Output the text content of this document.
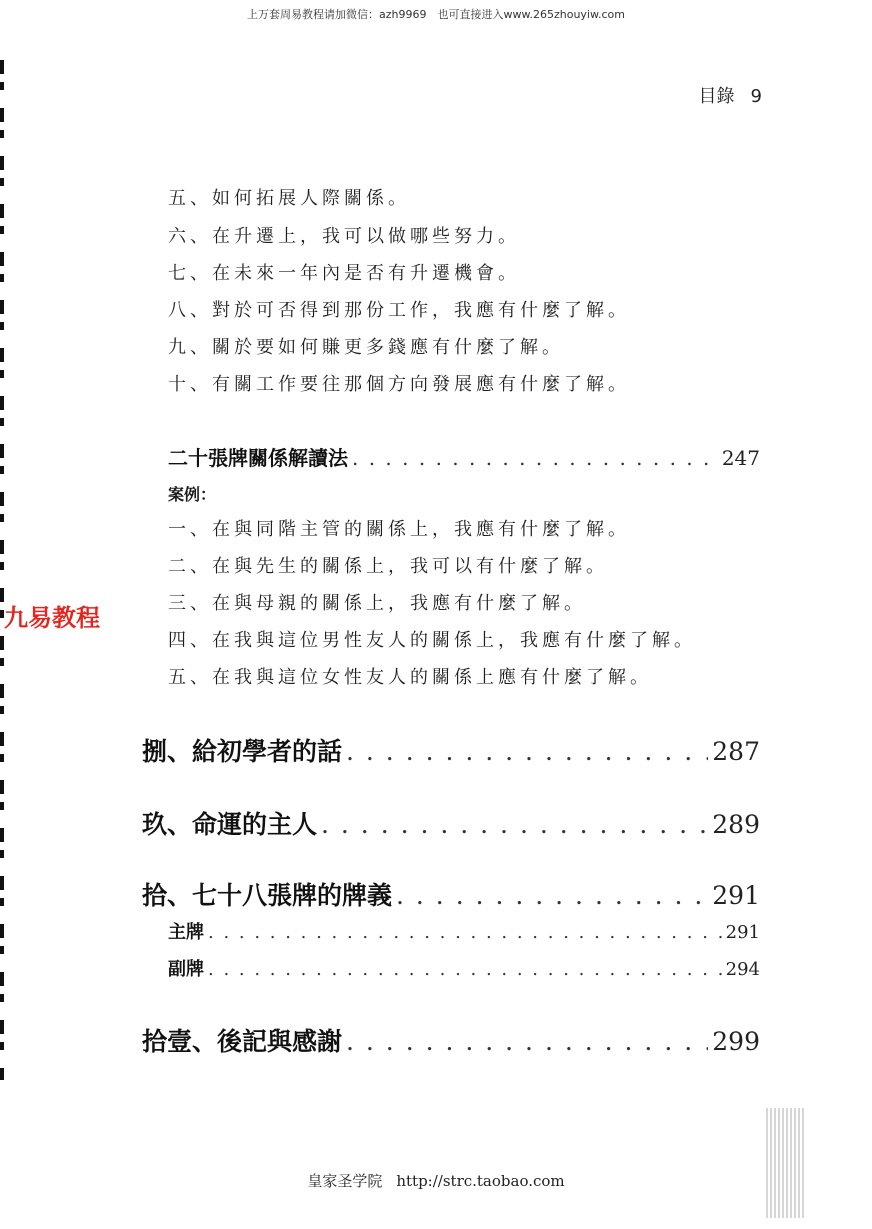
上万套周易教程请加微信：azh9969　也可直接进入www.265zhouyiw.com
目錄 9
五、如何拓展人際關係。
六、在升遷上，我可以做哪些努力。
七、在未來一年內是否有升遷機會。
八、對於可否得到那份工作，我應有什麼了解。
九、關於要如何賺更多錢應有什麼了解。
十、有關工作要往那個方向發展應有什麼了解。
二十張牌關係解讀法 . . .	247
案例：
一、在與同階主管的關係上，我應有什麼了解。
二、在與先生的關係上，我可以有什麼了解。
三、在與母親的關係上，我應有什麼了解。
四、在我與這位男性友人的關係上，我應有什麼了解。
五、在我與這位女性友人的關係上應有什麼了解。
九易教程
捌、給初學者的話 . . .	287
玖、命運的主人 . . .	289
拾、七十八張牌的牌義 . . .	291
主牌 . . .	291
副牌 . . .	294
拾壹、後記與感謝 . . .	299
皇家圣学院 http://strc.taobao.com
